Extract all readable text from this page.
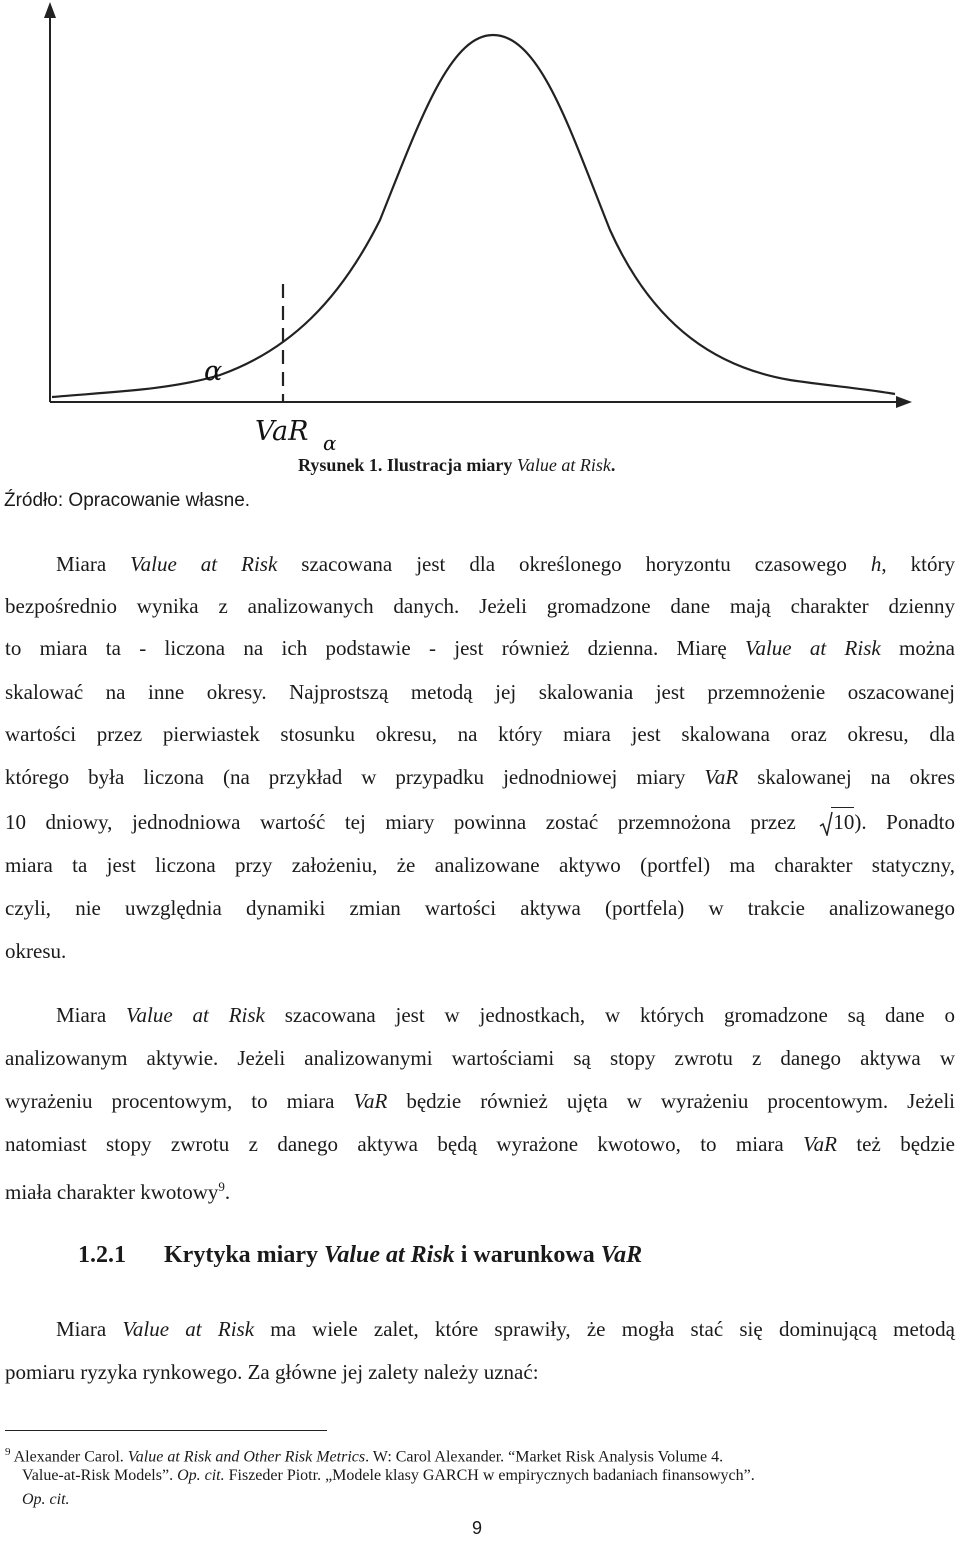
α
VaR α
Rysunek 1. Ilustracja miary Value at Risk.
Źródło: Opracowanie własne.
Miara Value at Risk szacowana jest dla określonego horyzontu czasowego h, który
bezpośrednio wynika z analizowanych danych. Jeżeli gromadzone dane mają charakter dzienny
to miara ta - liczona na ich podstawie - jest również dzienna. Miarę Value at Risk można
skalować na inne okresy. Najprostszą metodą jej skalowania jest przemnożenie oszacowanej
wartości przez pierwiastek stosunku okresu, na który miara jest skalowana oraz okresu, dla
którego była liczona (na przykład w przypadku jednodniowej miary VaR skalowanej na okres
10 dniowy, jednodniowa wartość tej miary powinna zostać przemnożona przez
10). Ponadto
miara ta jest liczona przy założeniu, że analizowane aktywo (portfel) ma charakter statyczny,
czyli, nie uwzględnia dynamiki zmian wartości aktywa (portfela) w trakcie analizowanego
okresu.
Miara Value at Risk szacowana jest w jednostkach, w których gromadzone są dane o
analizowanym aktywie. Jeżeli analizowanymi wartościami są stopy zwrotu z danego aktywa w
wyrażeniu procentowym, to miara VaR będzie również ujęta w wyrażeniu procentowym. Jeżeli
natomiast stopy zwrotu z danego aktywa będą wyrażone kwotowo, to miara VaR też będzie
miała charakter kwotowy$^9$.
1.2.1 Krytyka miary Value at Risk i warunkowa VaR
Miara Value at Risk ma wiele zalet, które sprawiły, że mogła stać się dominującą metodą
pomiaru ryzyka rynkowego. Za główne jej zalety należy uznać:
$^9$ Alexander Carol. Value at Risk and Other Risk Metrics. W: Carol Alexander. “Market Risk Analysis Volume 4.
Value-at-Risk Models”. Op. cit. Fiszeder Piotr. „Modele klasy GARCH w empirycznych badaniach finansowych”.
Op. cit.
9
